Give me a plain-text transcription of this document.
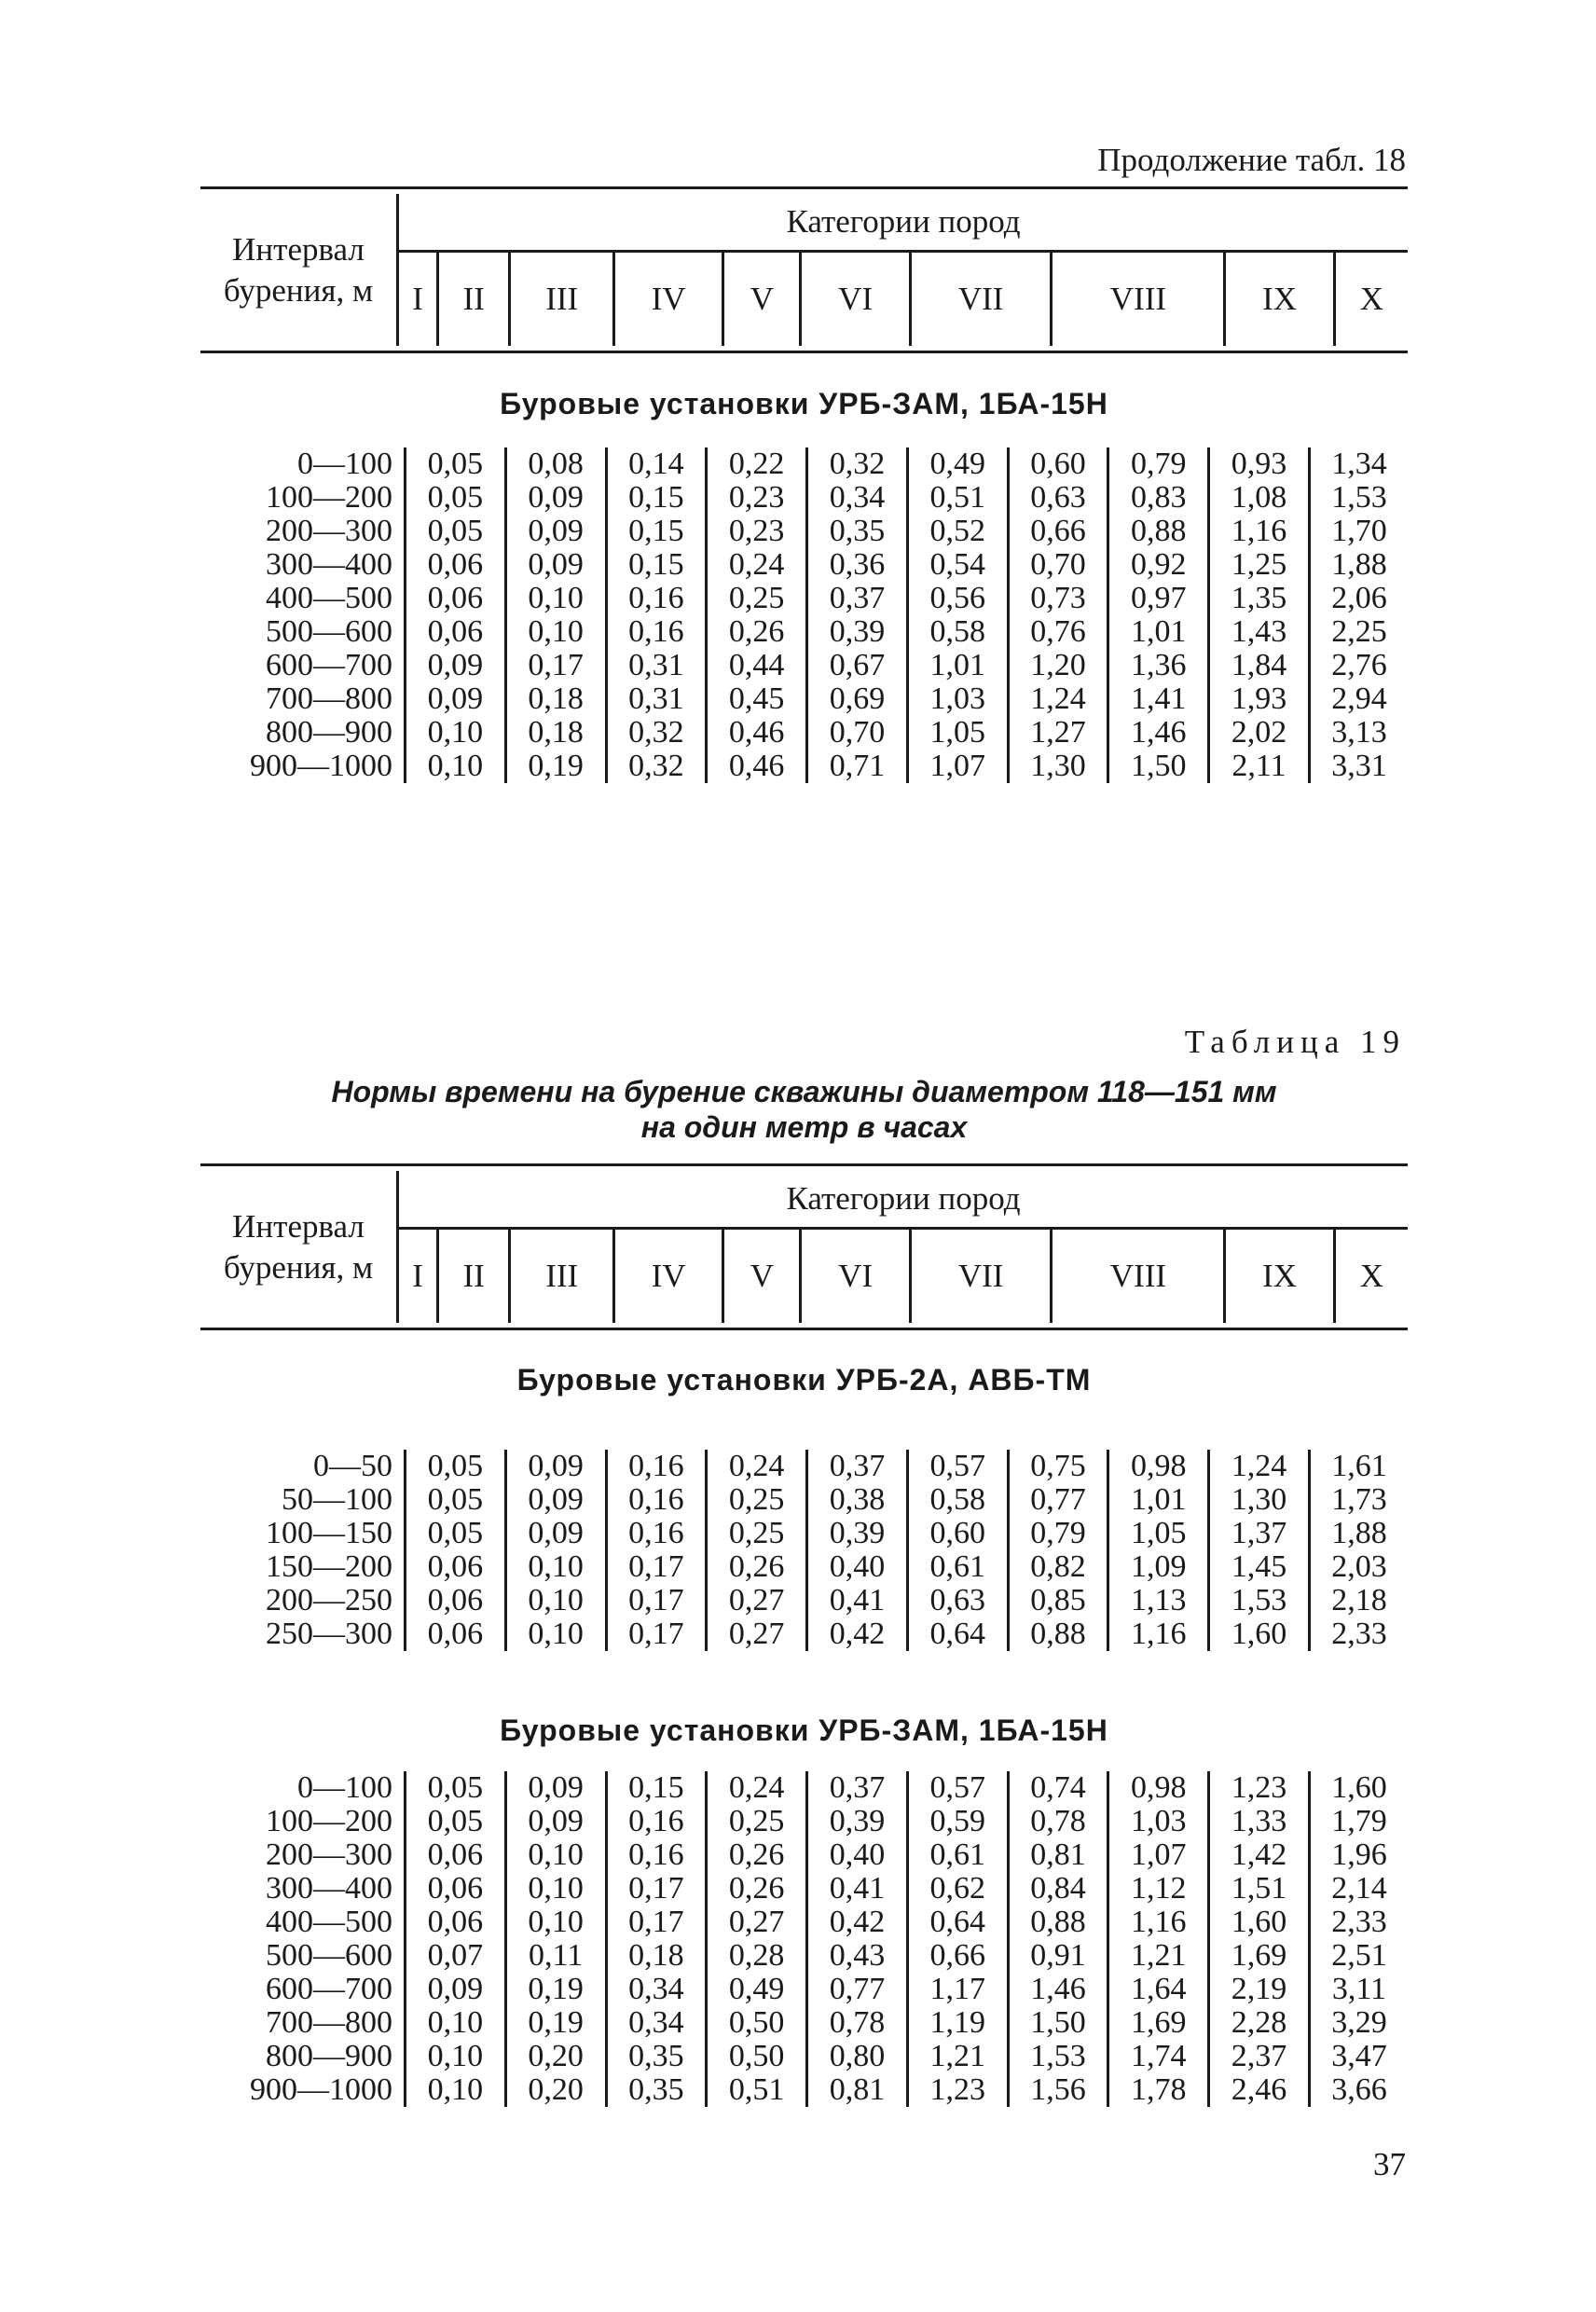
Продолжение табл. 18
Интервал
бурения, м	Категории пород									
	I	II	III	IV	V	VI	VII	VIII	IX	X
Буровые установки УРБ-ЗАМ, 1БА-15Н
0—100	0,05	0,08	0,14	0,22	0,32	0,49	0,60	0,79	0,93	1,34
100—200	0,05	0,09	0,15	0,23	0,34	0,51	0,63	0,83	1,08	1,53
200—300	0,05	0,09	0,15	0,23	0,35	0,52	0,66	0,88	1,16	1,70
300—400	0,06	0,09	0,15	0,24	0,36	0,54	0,70	0,92	1,25	1,88
400—500	0,06	0,10	0,16	0,25	0,37	0,56	0,73	0,97	1,35	2,06
500—600	0,06	0,10	0,16	0,26	0,39	0,58	0,76	1,01	1,43	2,25
600—700	0,09	0,17	0,31	0,44	0,67	1,01	1,20	1,36	1,84	2,76
700—800	0,09	0,18	0,31	0,45	0,69	1,03	1,24	1,41	1,93	2,94
800—900	0,10	0,18	0,32	0,46	0,70	1,05	1,27	1,46	2,02	3,13
900—1000	0,10	0,19	0,32	0,46	0,71	1,07	1,30	1,50	2,11	3,31
Таблица 19
Нормы времени на бурение скважины диаметром 118—151 мм
на один метр в часах
Интервал
бурения, м	Категории пород									
	I	II	III	IV	V	VI	VII	VIII	IX	X
Буровые установки УРБ-2А, АВБ-ТМ
0—50	0,05	0,09	0,16	0,24	0,37	0,57	0,75	0,98	1,24	1,61
50—100	0,05	0,09	0,16	0,25	0,38	0,58	0,77	1,01	1,30	1,73
100—150	0,05	0,09	0,16	0,25	0,39	0,60	0,79	1,05	1,37	1,88
150—200	0,06	0,10	0,17	0,26	0,40	0,61	0,82	1,09	1,45	2,03
200—250	0,06	0,10	0,17	0,27	0,41	0,63	0,85	1,13	1,53	2,18
250—300	0,06	0,10	0,17	0,27	0,42	0,64	0,88	1,16	1,60	2,33
Буровые установки УРБ-ЗАМ, 1БА-15Н
0—100	0,05	0,09	0,15	0,24	0,37	0,57	0,74	0,98	1,23	1,60
100—200	0,05	0,09	0,16	0,25	0,39	0,59	0,78	1,03	1,33	1,79
200—300	0,06	0,10	0,16	0,26	0,40	0,61	0,81	1,07	1,42	1,96
300—400	0,06	0,10	0,17	0,26	0,41	0,62	0,84	1,12	1,51	2,14
400—500	0,06	0,10	0,17	0,27	0,42	0,64	0,88	1,16	1,60	2,33
500—600	0,07	0,11	0,18	0,28	0,43	0,66	0,91	1,21	1,69	2,51
600—700	0,09	0,19	0,34	0,49	0,77	1,17	1,46	1,64	2,19	3,11
700—800	0,10	0,19	0,34	0,50	0,78	1,19	1,50	1,69	2,28	3,29
800—900	0,10	0,20	0,35	0,50	0,80	1,21	1,53	1,74	2,37	3,47
900—1000	0,10	0,20	0,35	0,51	0,81	1,23	1,56	1,78	2,46	3,66
37
